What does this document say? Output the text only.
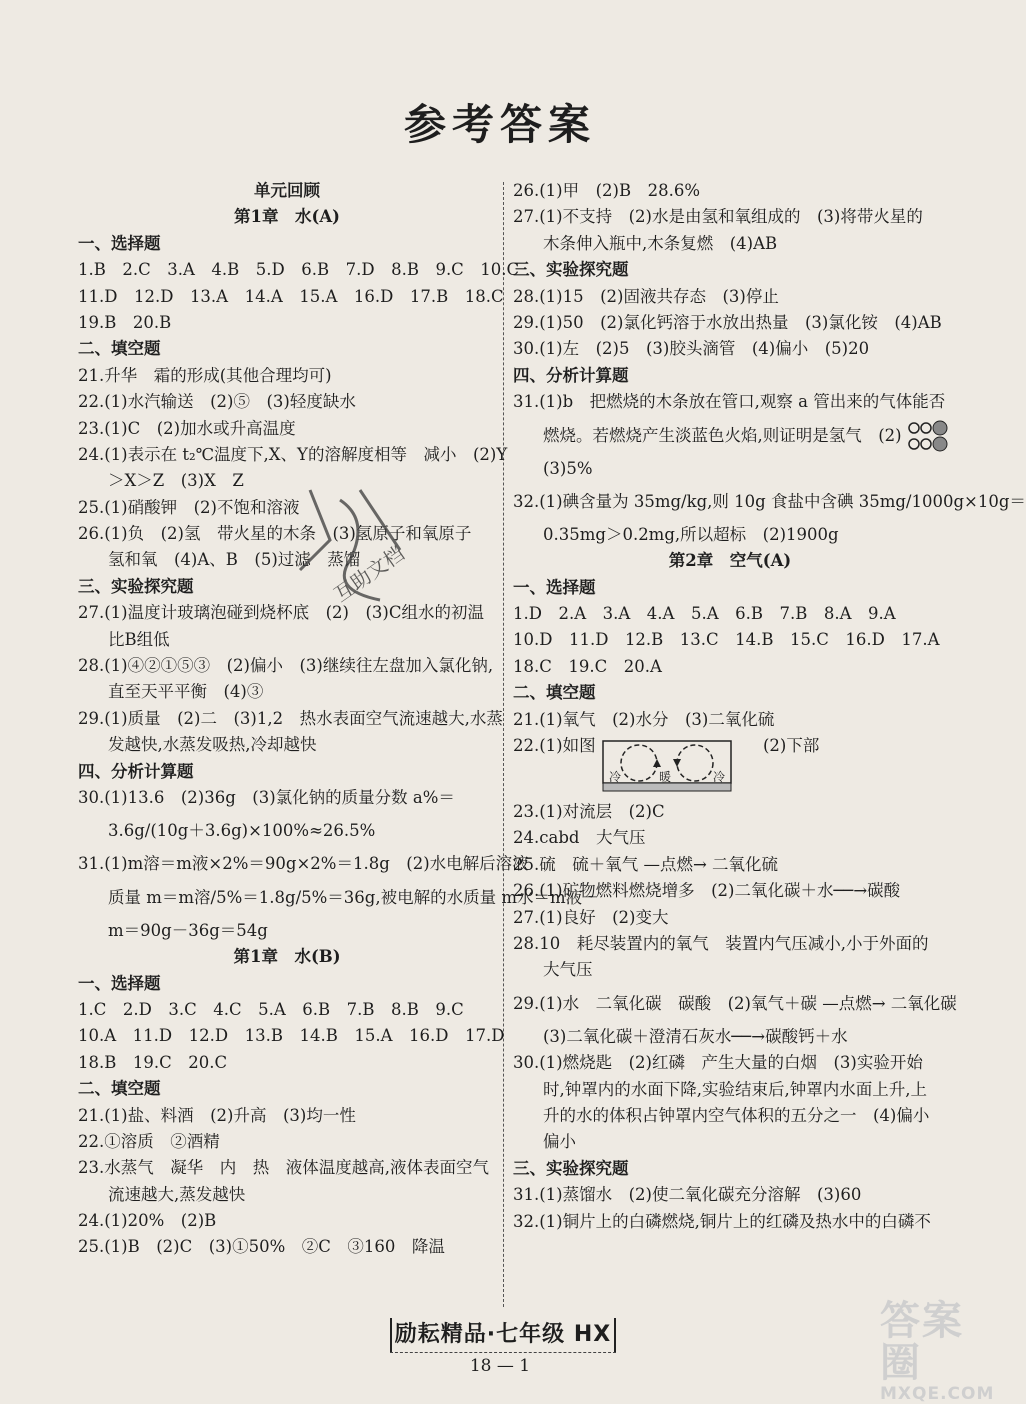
参考答案
单元回顾
第1章　水(A)
一、选择题
1.B　2.C　3.A　4.B　5.D　6.B　7.D　8.B　9.C　10.C
11.D　12.D　13.A　14.A　15.A　16.D　17.B　18.C
19.B　20.B
二、填空题
21.升华　霜的形成(其他合理均可)
22.(1)水汽输送　(2)⑤　(3)轻度缺水
23.(1)C　(2)加水或升高温度
24.(1)表示在 t₂℃温度下,X、Y的溶解度相等　减小　(2)Y
＞X＞Z　(3)X　Z
25.(1)硝酸钾　(2)不饱和溶液
26.(1)负　(2)氢　带火星的木条　(3)氢原子和氧原子
氢和氧　(4)A、B　(5)过滤　蒸馏
三、实验探究题
27.(1)温度计玻璃泡碰到烧杯底　(2)　(3)C组水的初温
比B组低
28.(1)④②①⑤③　(2)偏小　(3)继续往左盘加入氯化钠,
直至天平平衡　(4)③
29.(1)质量　(2)二　(3)1,2　热水表面空气流速越大,水蒸
发越快,水蒸发吸热,冷却越快
四、分析计算题
30.(1)13.6　(2)36g　(3)氯化钠的质量分数 a%＝
3.6g/(10g＋3.6g)×100%≈26.5%
31.(1)m溶＝m液×2%＝90g×2%＝1.8g　(2)水电解后溶液
质量 m＝m溶/5%＝1.8g/5%＝36g,被电解的水质量 m水＝m液－
m＝90g－36g＝54g
第1章　水(B)
一、选择题
1.C　2.D　3.C　4.C　5.A　6.B　7.B　8.B　9.C
10.A　11.D　12.D　13.B　14.B　15.A　16.D　17.D
18.B　19.C　20.C
二、填空题
21.(1)盐、料酒　(2)升高　(3)均一性
22.①溶质　②酒精
23.水蒸气　凝华　内　热　液体温度越高,液体表面空气
流速越大,蒸发越快
24.(1)20%　(2)B
25.(1)B　(2)C　(3)①50%　②C　③160　降温
26.(1)甲　(2)B　28.6%
27.(1)不支持　(2)水是由氢和氧组成的　(3)将带火星的
木条伸入瓶中,木条复燃　(4)AB
三、实验探究题
28.(1)15　(2)固液共存态　(3)停止
29.(1)50　(2)氯化钙溶于水放出热量　(3)氯化铵　(4)AB
30.(1)左　(2)5　(3)胶头滴管　(4)偏小　(5)20
四、分析计算题
31.(1)b　把燃烧的木条放在管口,观察 a 管出来的气体能否
燃烧。若燃烧产生淡蓝色火焰,则证明是氢气　(2)
(3)5%
32.(1)碘含量为 35mg/kg,则 10g 食盐中含碘 35mg/1000g×10g＝
0.35mg＞0.2mg,所以超标　(2)1900g
第2章　空气(A)
一、选择题
1.D　2.A　3.A　4.A　5.A　6.B　7.B　8.A　9.A
10.D　11.D　12.B　13.C　14.B　15.C　16.D　17.A
18.C　19.C　20.A
二、填空题
21.(1)氧气　(2)水分　(3)二氧化硫
22.(1)如图
冷	暖	冷
(2)下部
23.(1)对流层　(2)C
24.cabd　大气压
25.硫　硫＋氧气 —点燃→ 二氧化硫
26.(1)矿物燃料燃烧增多　(2)二氧化碳＋水──→碳酸
27.(1)良好　(2)变大
28.10　耗尽装置内的氧气　装置内气压减小,小于外面的
大气压
29.(1)水　二氧化碳　碳酸　(2)氧气＋碳 —点燃→ 二氧化碳
(3)二氧化碳＋澄清石灰水──→碳酸钙＋水
30.(1)燃烧匙　(2)红磷　产生大量的白烟　(3)实验开始
时,钟罩内的水面下降,实验结束后,钟罩内水面上升,上
升的水的体积占钟罩内空气体积的五分之一　(4)偏小
偏小
三、实验探究题
31.(1)蒸馏水　(2)使二氧化碳充分溶解　(3)60
32.(1)铜片上的白磷燃烧,铜片上的红磷及热水中的白磷不
互助文档
励耘精品·七年级 HX
18 — 1
答案圈
MXQE.COM
